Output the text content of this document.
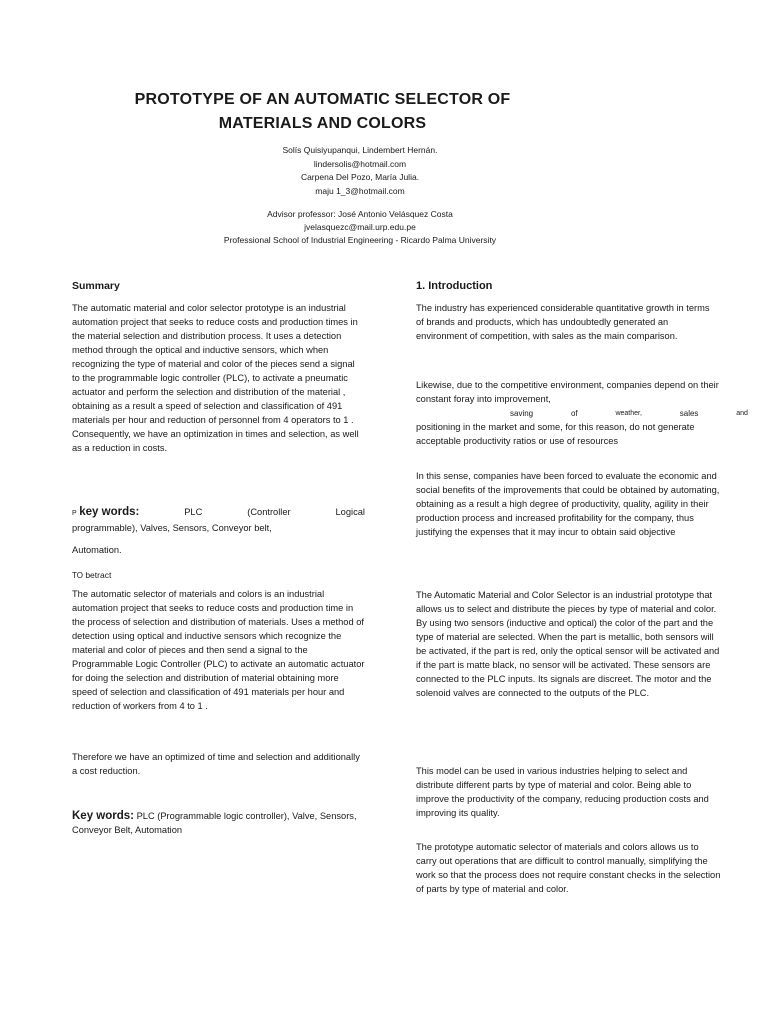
PROTOTYPE OF AN AUTOMATIC SELECTOR OF
MATERIALS AND COLORS
Solís Quisiyupanqui, Lindembert Hernán.
lindersolis@hotmail.com
Carpena Del Pozo, María Julia.
maju 1_3@hotmail.com
Advisor professor: José Antonio Velásquez Costa
jvelasquezc@mail.urp.edu.pe
Professional School of Industrial Engineering - Ricardo Palma University
Summary

The automatic material and color selector prototype is an industrial automation project that seeks to reduce costs and production times in the material selection and distribution process. It uses a detection method through the optical and inductive sensors, which when recognizing the type of material and color of the pieces send a signal to the programmable logic controller (PLC), to activate a pneumatic actuator and perform the selection and distribution of the material , obtaining as a result a speed of selection and classification of 491 materials per hour and reduction of personnel from 4 operators to 1 . Consequently, we have an optimization in times and selection, as well as a reduction in costs.

P key words:	PLC	(Controller	Logical
programmable), Valves, Sensors, Conveyor belt,
Automation.
TO betract

The automatic selector of materials and colors is an industrial automation project that seeks to reduce costs and production time in the process of selection and distribution of materials. Uses a method of detection using optical and inductive sensors which recognize the material and color of pieces and then send a signal to the Programmable Logic Controller (PLC) to activate an automatic actuator for doing the selection and distribution of material obtaining more speed of selection and classification of 491 materials per hour and reduction of workers from 4 to 1 .

Therefore we have an optimized of time and selection and additionally a cost reduction.

Key words: PLC (Programmable logic controller), Valve, Sensors, Conveyor Belt, Automation

1. Introduction

The industry has experienced considerable quantitative growth in terms of brands and products, which has undoubtedly generated an environment of competition, with sales as the main comparison.

Likewise, due to the competitive environment, companies depend on their constant foray into improvement,

saving	of	weather,	sales	and

positioning in the market and some, for this reason, do not generate acceptable productivity ratios or use of resources

In this sense, companies have been forced to evaluate the economic and social benefits of the improvements that could be obtained by automating, obtaining as a result a high degree of productivity, quality, agility in their production process and increased profitability for the company, thus justifying the expenses that it may incur to obtain said objective

The Automatic Material and Color Selector is an industrial prototype that allows us to select and distribute the pieces by type of material and color. By using two sensors (inductive and optical) the color of the part and the type of material are selected. When the part is metallic, both sensors will be activated, if the part is red, only the optical sensor will be activated and if the part is matte black, no sensor will be activated. These sensors are connected to the PLC inputs. Its signals are discreet. The motor and the solenoid valves are connected to the outputs of the PLC.

This model can be used in various industries helping to select and distribute different parts by type of material and color. Being able to improve the productivity of the company, reducing production costs and improving its quality.

The prototype automatic selector of materials and colors allows us to carry out operations that are difficult to control manually, simplifying the work so that the process does not require constant checks in the selection of parts by type of material and color.
